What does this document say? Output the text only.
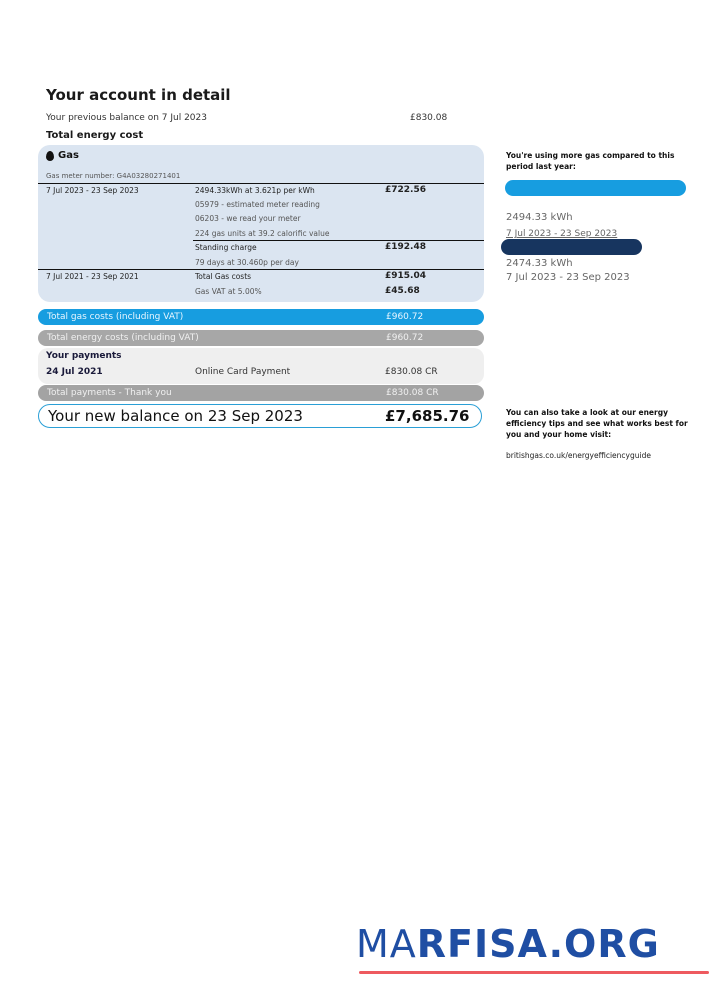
Your account in detail
Your previous balance on 7 Jul 2023	£830.08
Total energy cost
Gas
Gas meter number: G4A03280271401
7 Jul 2023 - 23 Sep 2023	2494.33kWh at 3.621p per kWh	£722.56
05979 - estimated meter reading
06203 - we read your meter
224 gas units at 39.2 calorific value
Standing charge	£192.48
79 days at 30.460p per day
7 Jul 2021 - 23 Sep 2021	Total Gas costs	£915.04
Gas VAT at 5.00%	£45.68
Total gas costs (including VAT)	£960.72
Total energy costs (including VAT)	£960.72
Your payments
24 Jul 2021	Online Card Payment	£830.08 CR
Total payments - Thank you	£830.08 CR
Your new balance on 23 Sep 2023	£7,685.76
You're using more gas compared to this period last year:
2494.33 kWh
7 Jul 2023 - 23 Sep 2023
2474.33 kWh
7 Jul 2023 - 23 Sep 2023
You can also take a look at our energy efficiency tips and see what works best for you and your home visit:
britishgas.co.uk/energyefficiencyguide
MARFISA.ORG
